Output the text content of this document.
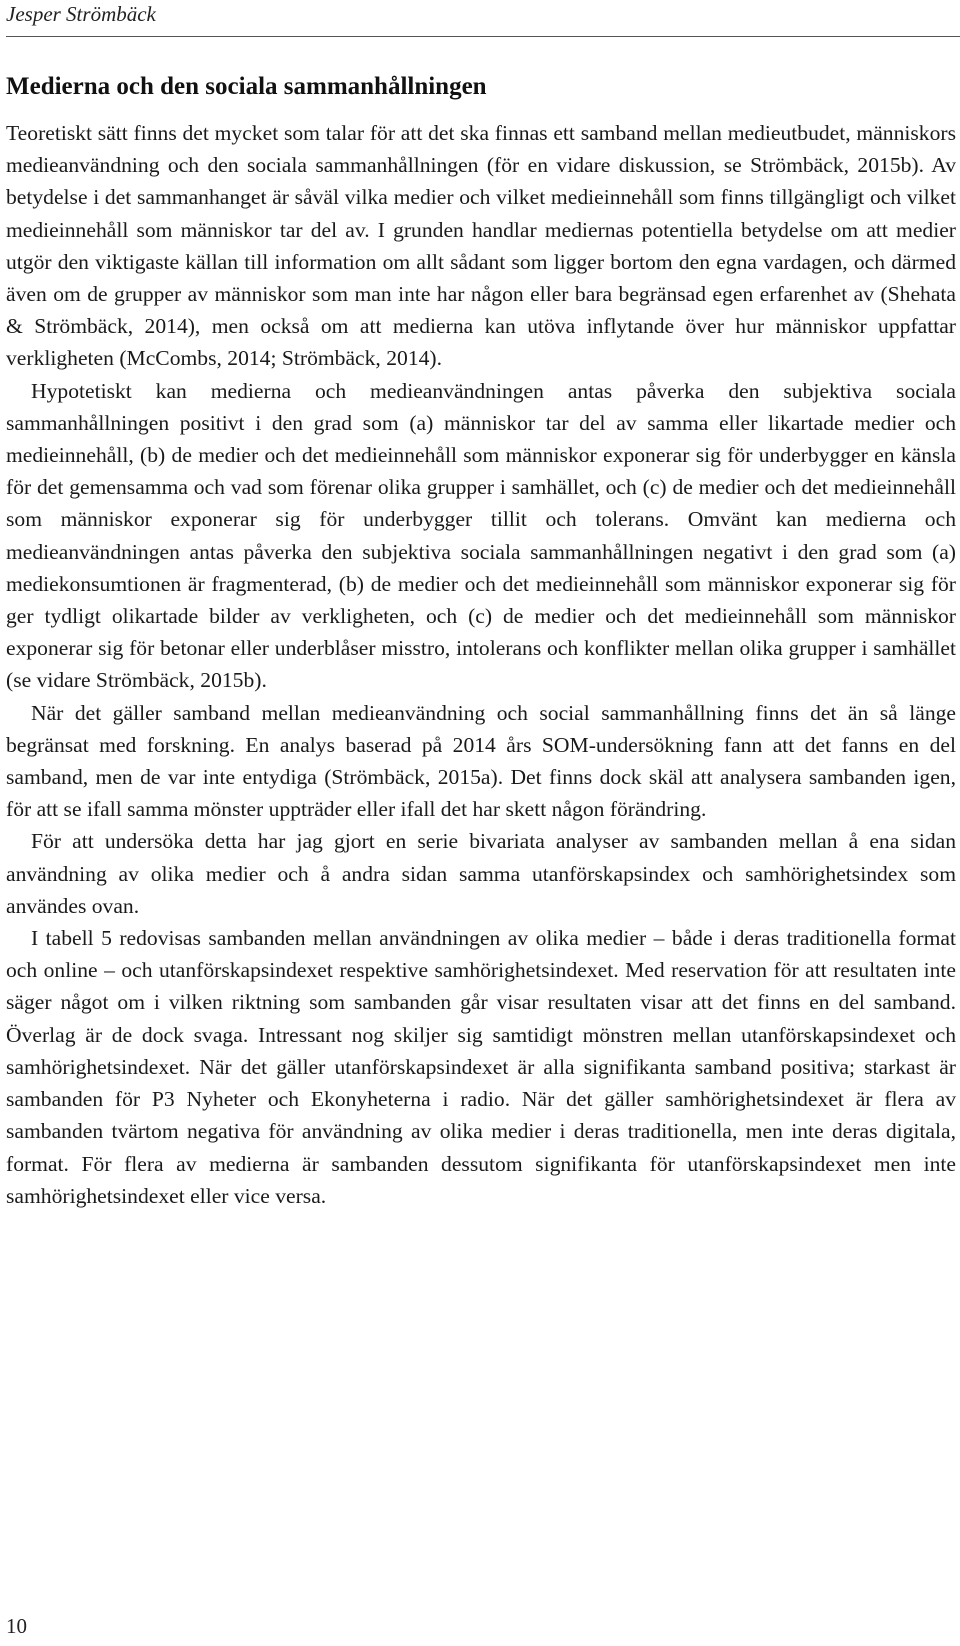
Jesper Strömbäck
Medierna och den sociala sammanhållningen

Teoretiskt sätt finns det mycket som talar för att det ska finnas ett samband mellan medieutbudet, människors medieanvändning och den sociala sammanhållningen (för en vidare diskussion, se Strömbäck, 2015b). Av betydelse i det sammanhanget är såväl vilka medier och vilket medieinnehåll som finns tillgängligt och vilket medieinnehåll som människor tar del av. I grunden handlar mediernas potentiella betydelse om att medier utgör den viktigaste källan till information om allt sådant som ligger bortom den egna vardagen, och därmed även om de grupper av människor som man inte har någon eller bara begränsad egen erfarenhet av (Shehata & Strömbäck, 2014), men också om att medierna kan utöva inflytande över hur människor uppfattar verkligheten (McCombs, 2014; Strömbäck, 2014).

Hypotetiskt kan medierna och medieanvändningen antas påverka den subjektiva sociala sammanhållningen positivt i den grad som (a) människor tar del av samma eller likartade medier och medieinnehåll, (b) de medier och det medieinnehåll som människor exponerar sig för underbygger en känsla för det gemensamma och vad som förenar olika grupper i samhället, och (c) de medier och det medieinnehåll som människor exponerar sig för underbygger tillit och tolerans. Omvänt kan medierna och medieanvändningen antas påverka den subjektiva sociala sammanhållningen negativt i den grad som (a) mediekonsumtionen är fragmenterad, (b) de medier och det medieinnehåll som människor exponerar sig för ger tydligt olikartade bilder av verkligheten, och (c) de medier och det medieinnehåll som människor exponerar sig för betonar eller underblåser misstro, intolerans och konflikter mellan olika grupper i samhället (se vidare Strömbäck, 2015b).

När det gäller samband mellan medieanvändning och social sammanhållning finns det än så länge begränsat med forskning. En analys baserad på 2014 års SOM-undersökning fann att det fanns en del samband, men de var inte entydiga (Strömbäck, 2015a). Det finns dock skäl att analysera sambanden igen, för att se ifall samma mönster uppträder eller ifall det har skett någon förändring.

För att undersöka detta har jag gjort en serie bivariata analyser av sambanden mellan å ena sidan användning av olika medier och å andra sidan samma utanförskapsindex och samhörighetsindex som användes ovan.

I tabell 5 redovisas sambanden mellan användningen av olika medier – både i deras traditionella format och online – och utanförskapsindexet respektive samhörighetsindexet. Med reservation för att resultaten inte säger något om i vilken riktning som sambanden går visar resultaten visar att det finns en del samband. Överlag är de dock svaga. Intressant nog skiljer sig samtidigt mönstren mellan utanförskapsindexet och samhörighetsindexet. När det gäller utanförskapsindexet är alla signifikanta samband positiva; starkast är sambanden för P3 Nyheter och Ekonyheterna i radio. När det gäller samhörighetsindexet är flera av sambanden tvärtom negativa för användning av olika medier i deras traditionella, men inte deras digitala, format. För flera av medierna är sambanden dessutom signifikanta för utanförskapsindexet men inte samhörighetsindexet eller vice versa.

10
